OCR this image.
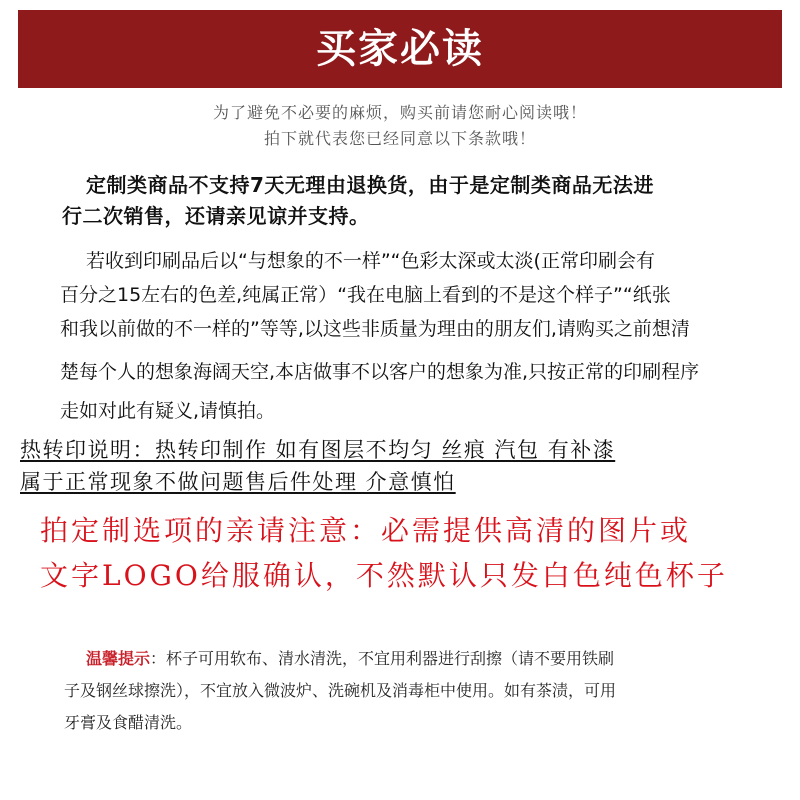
买家必读
为了避免不必要的麻烦，购买前请您耐心阅读哦！
拍下就代表您已经同意以下条款哦！
定制类商品不支持7天无理由退换货，由于是定制类商品无法进
行二次销售，还请亲见谅并支持。
若收到印刷品后以“与想象的不一样”“色彩太深或太淡(正常印刷会有
百分之15左右的色差,纯属正常）“我在电脑上看到的不是这个样子”“纸张
和我以前做的不一样的”等等,以这些非质量为理由的朋友们,请购买之前想清
楚每个人的想象海阔天空,本店做事不以客户的想象为准,只按正常的印刷程序
走如对此有疑义,请慎拍。
热转印说明：热转印制作 如有图层不均匀 丝痕 汽包 有补漆
属于正常现象不做问题售后件处理 介意慎怕
拍定制选项的亲请注意：必需提供高清的图片或
文字LOGO给服确认，不然默认只发白色纯色杯子
温馨提示：杯子可用软布、清水清洗，不宜用利器进行刮擦（请不要用铁刷
子及钢丝球擦洗），不宜放入微波炉、洗碗机及消毒柜中使用。如有茶渍，可用
牙膏及食醋清洗。
